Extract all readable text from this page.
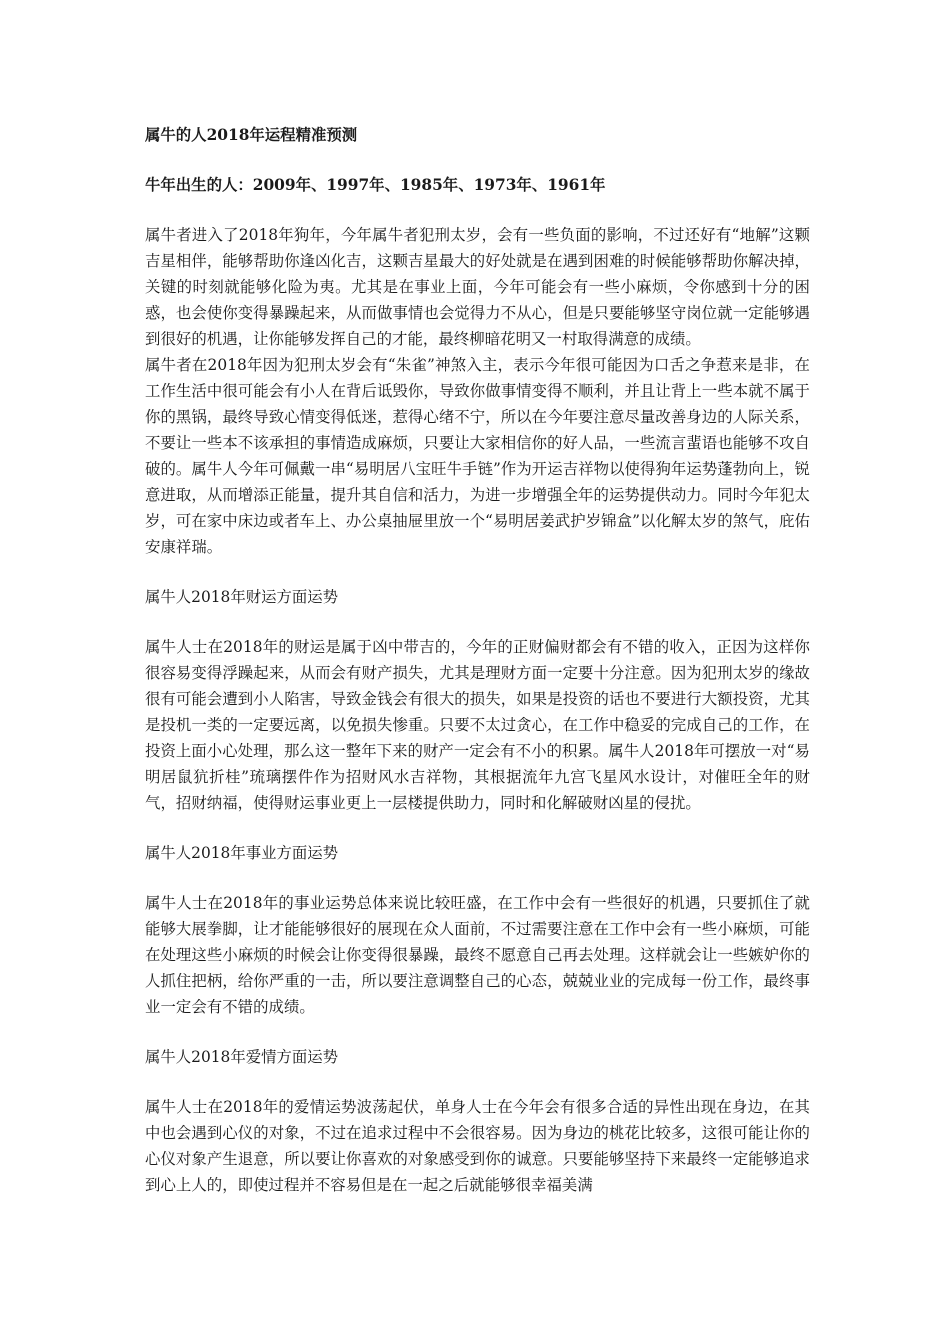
属牛的人2018年运程精准预测

牛年出生的人：2009年、1997年、1985年、1973年、1961年

属牛者进入了2018年狗年，今年属牛者犯刑太岁，会有一些负面的影响，不过还好有“地解”这颗吉星相伴，能够帮助你逢凶化吉，这颗吉星最大的好处就是在遇到困难的时候能够帮助你解决掉，关键的时刻就能够化险为夷。尤其是在事业上面，今年可能会有一些小麻烦，令你感到十分的困惑，也会使你变得暴躁起来，从而做事情也会觉得力不从心，但是只要能够坚守岗位就一定能够遇到很好的机遇，让你能够发挥自己的才能，最终柳暗花明又一村取得满意的成绩。

属牛者在2018年因为犯刑太岁会有“朱雀”神煞入主，表示今年很可能因为口舌之争惹来是非，在工作生活中很可能会有小人在背后诋毁你，导致你做事情变得不顺利，并且让背上一些本就不属于你的黑锅，最终导致心情变得低迷，惹得心绪不宁，所以在今年要注意尽量改善身边的人际关系，不要让一些本不该承担的事情造成麻烦，只要让大家相信你的好人品，一些流言蜚语也能够不攻自破的。属牛人今年可佩戴一串“易明居八宝旺牛手链”作为开运吉祥物以使得狗年运势蓬勃向上，锐意进取，从而增添正能量，提升其自信和活力，为进一步增强全年的运势提供动力。同时今年犯太岁，可在家中床边或者车上、办公桌抽屉里放一个“易明居姜武护岁锦盒”以化解太岁的煞气，庇佑安康祥瑞。

属牛人2018年财运方面运势

属牛人士在2018年的财运是属于凶中带吉的，今年的正财偏财都会有不错的收入，正因为这样你很容易变得浮躁起来，从而会有财产损失，尤其是理财方面一定要十分注意。因为犯刑太岁的缘故很有可能会遭到小人陷害，导致金钱会有很大的损失，如果是投资的话也不要进行大额投资，尤其是投机一类的一定要远离，以免损失惨重。只要不太过贪心，在工作中稳妥的完成自己的工作，在投资上面小心处理，那么这一整年下来的财产一定会有不小的积累。属牛人2018年可摆放一对“易明居鼠犺折桂”琉璃摆件作为招财风水吉祥物，其根据流年九宫飞星风水设计，对催旺全年的财气，招财纳福，使得财运事业更上一层楼提供助力，同时和化解破财凶星的侵扰。

属牛人2018年事业方面运势

属牛人士在2018年的事业运势总体来说比较旺盛，在工作中会有一些很好的机遇，只要抓住了就能够大展拳脚，让才能能够很好的展现在众人面前，不过需要注意在工作中会有一些小麻烦，可能在处理这些小麻烦的时候会让你变得很暴躁，最终不愿意自己再去处理。这样就会让一些嫉妒你的人抓住把柄，给你严重的一击，所以要注意调整自己的心态，兢兢业业的完成每一份工作，最终事业一定会有不错的成绩。

属牛人2018年爱情方面运势

属牛人士在2018年的爱情运势波荡起伏，单身人士在今年会有很多合适的异性出现在身边，在其中也会遇到心仪的对象，不过在追求过程中不会很容易。因为身边的桃花比较多，这很可能让你的心仪对象产生退意，所以要让你喜欢的对象感受到你的诚意。只要能够坚持下来最终一定能够追求到心上人的，即使过程并不容易但是在一起之后就能够很幸福美满
